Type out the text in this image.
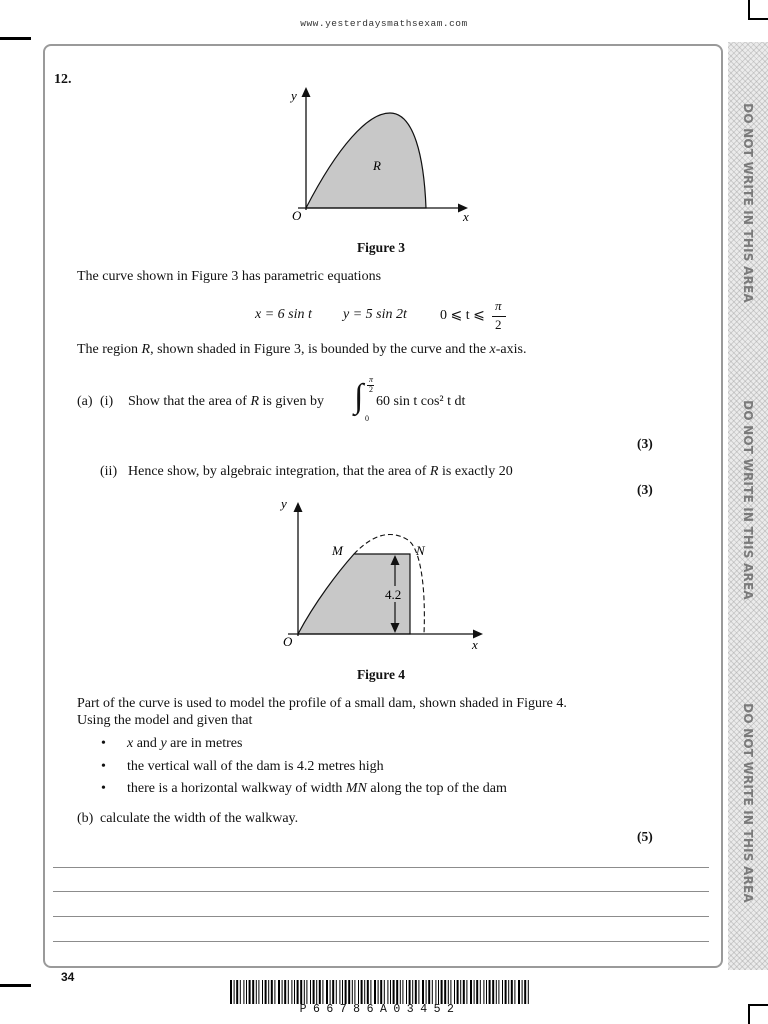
www.yesterdaysmathsexam.com
DO NOT WRITE IN THIS AREA
DO NOT WRITE IN THIS AREA
DO NOT WRITE IN THIS AREA
12.
y
x
O
R
Figure 3
The curve shown in Figure 3 has parametric equations
x = 6 sin t y = 5 sin 2t 0 ⩽ t ⩽
π
2
The region R, shown shaded in Figure 3, is bounded by the curve and the x-axis.
(a) (i) Show that the area of R is given by ∫ π
2
0
60 sin t cos² t dt
(3)
(ii) Hence show, by algebraic integration, that the area of R is exactly 20
(3)
4.2
y
x
O
M	N
Figure 4
Part of the curve is used to model the profile of a small dam, shown shaded in Figure 4.
Using the model and given that
• x and y are in metres
• the vertical wall of the dam is 4.2 metres high
• there is a horizontal walkway of width MN along the top of the dam
(b) calculate the width of the walkway.
(5)
34
P66786A03452
